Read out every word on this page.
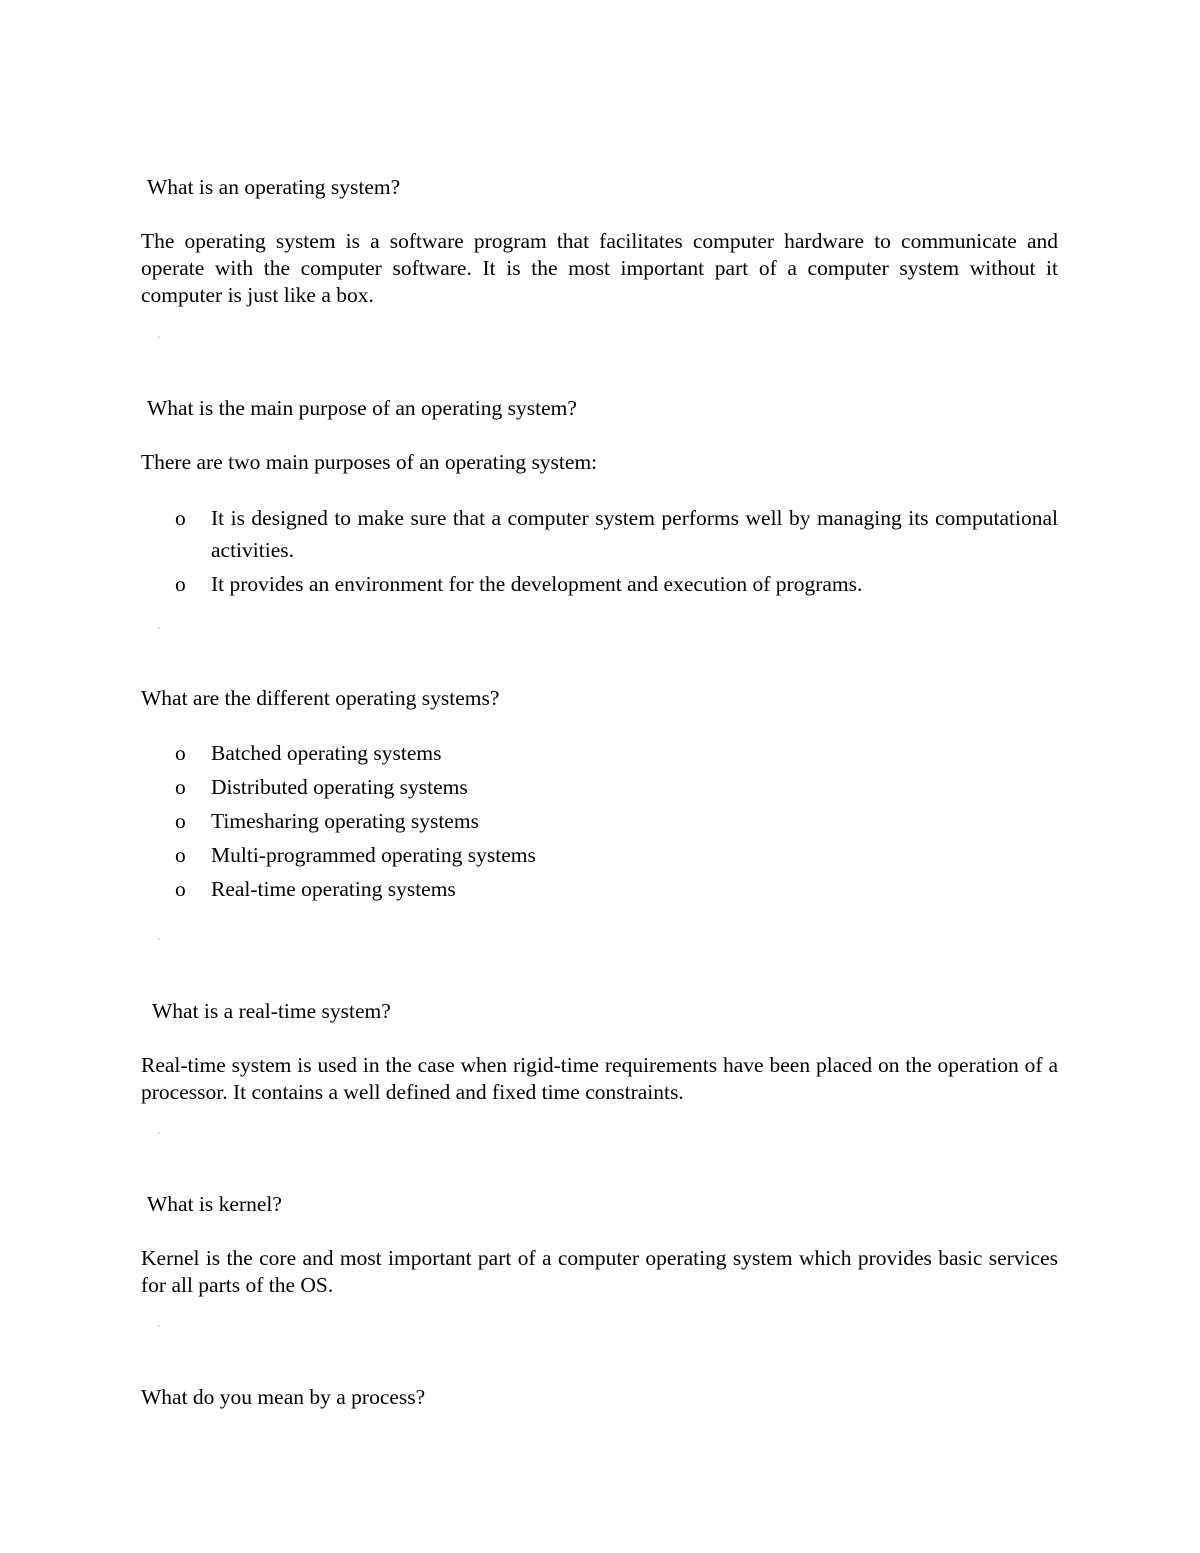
What is an operating system?
The operating system is a software program that facilitates computer hardware to communicate and operate with the computer software. It is the most important part of a computer system without it computer is just like a box.
What is the main purpose of an operating system?
There are two main purposes of an operating system:
o It is designed to make sure that a computer system performs well by managing its computational activities.
o It provides an environment for the development and execution of programs.
What are the different operating systems?
o Batched operating systems
o Distributed operating systems
o Timesharing operating systems
o Multi-programmed operating systems
o Real-time operating systems
What is a real-time system?
Real-time system is used in the case when rigid-time requirements have been placed on the operation of a processor. It contains a well defined and fixed time constraints.
What is kernel?
Kernel is the core and most important part of a computer operating system which provides basic services for all parts of the OS.
What do you mean by a process?
